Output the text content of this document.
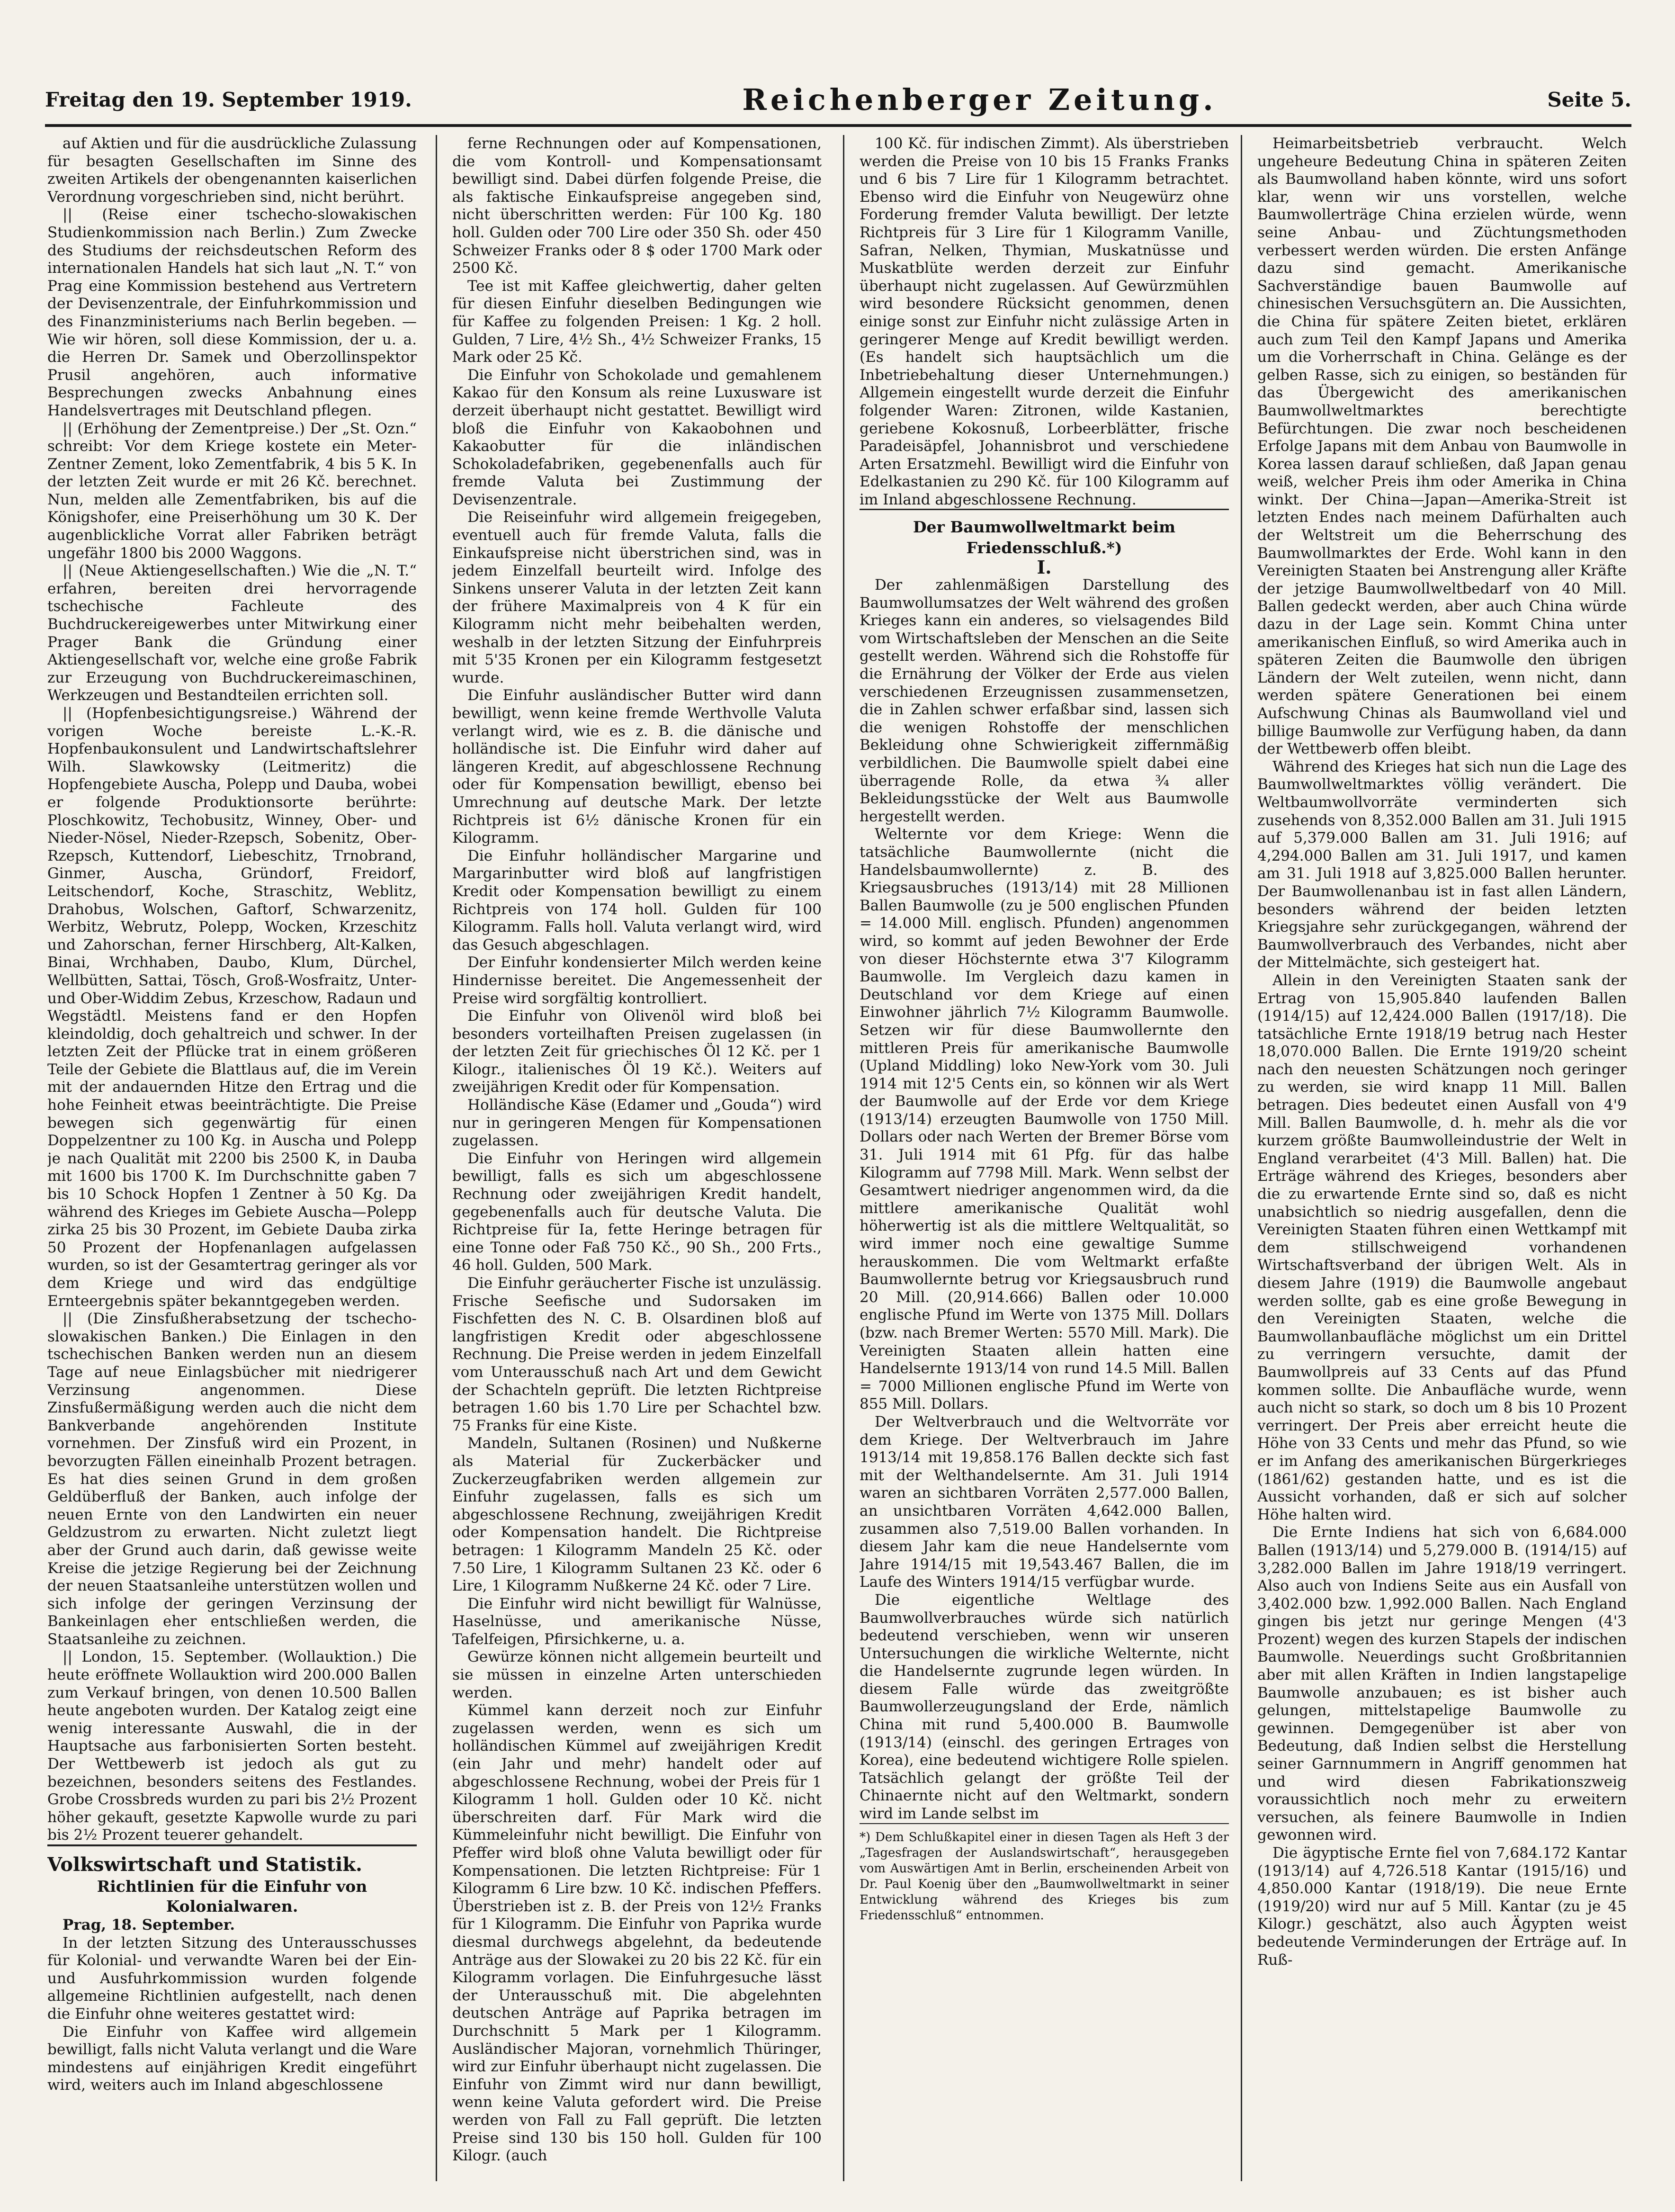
Freitag den 19. September 1919.	Reichenberger Zeitung.	Seite 5.

auf Aktien und für die ausdrückliche Zulassung für besagten Gesellschaften im Sinne des zweiten Artikels der obengenannten kaiserlichen Verordnung vorgeschrieben sind, nicht berührt.

|| (Reise einer tschecho-slowakischen Studienkommission nach Berlin.) Zum Zwecke des Studiums der reichsdeutschen Reform des internationalen Handels hat sich laut „N. T.“ von Prag eine Kommission bestehend aus Vertretern der Devisenzentrale, der Einfuhrkommission und des Finanzministeriums nach Berlin begeben. — Wie wir hören, soll diese Kommission, der u. a. die Herren Dr. Samek und Oberzollinspektor Prusil angehören, auch informative Besprechungen zwecks Anbahnung eines Handelsvertrages mit Deutschland pflegen.

|| (Erhöhung der Zementpreise.) Der „St. Ozn.“ schreibt: Vor dem Kriege kostete ein Meter-Zentner Zement, loko Zementfabrik, 4 bis 5 K. In der letzten Zeit wurde er mit 26 Kč. berechnet. Nun, melden alle Zementfabriken, bis auf die Königshofer, eine Preiserhöhung um 30 K. Der augenblickliche Vorrat aller Fabriken beträgt ungefähr 1800 bis 2000 Waggons.

|| (Neue Aktiengesellschaften.) Wie die „N. T.“ erfahren, bereiten drei hervorragende tschechische Fachleute des Buchdruckereigewerbes unter Mitwirkung einer Prager Bank die Gründung einer Aktiengesellschaft vor, welche eine große Fabrik zur Erzeugung von Buchdruckereimaschinen, Werkzeugen und Bestandteilen errichten soll.

|| (Hopfenbesichtigungsreise.) Während der vorigen Woche bereiste L.-K.-R. Hopfenbaukonsulent und Landwirtschaftslehrer Wilh. Slawkowsky (Leitmeritz) die Hopfengebiete Auscha, Polepp und Dauba, wobei er folgende Produktionsorte berührte: Ploschkowitz, Techobusitz, Winney, Ober- und Nieder-Nösel, Nieder-Rzepsch, Sobenitz, Ober-Rzepsch, Kuttendorf, Liebeschitz, Trnobrand, Ginmer, Auscha, Gründorf, Freidorf, Leitschendorf, Koche, Straschitz, Weblitz, Drahobus, Wolschen, Gaftorf, Schwarzenitz, Werbitz, Webrutz, Polepp, Wocken, Krzeschitz und Zahorschan, ferner Hirschberg, Alt-Kalken, Binai, Wrchhaben, Daubo, Klum, Dürchel, Wellbütten, Sattai, Tösch, Groß-Wosfraitz, Unter- und Ober-Widdim Zebus, Krzeschow, Radaun und Wegstädtl. Meistens fand er den Hopfen kleindoldig, doch gehaltreich und schwer. In der letzten Zeit der Pflücke trat in einem größeren Teile der Gebiete die Blattlaus auf, die im Verein mit der andauernden Hitze den Ertrag und die hohe Feinheit etwas beeinträchtigte. Die Preise bewegen sich gegenwärtig für einen Doppelzentner zu 100 Kg. in Auscha und Polepp je nach Qualität mit 2200 bis 2500 K, in Dauba mit 1600 bis 1700 K. Im Durchschnitte gaben 7 bis 10 Schock Hopfen 1 Zentner à 50 Kg. Da während des Krieges im Gebiete Auscha—Polepp zirka 25 bis 30 Prozent, im Gebiete Dauba zirka 50 Prozent der Hopfenanlagen aufgelassen wurden, so ist der Gesamtertrag geringer als vor dem Kriege und wird das endgültige Ernteergebnis später bekanntgegeben werden.

|| (Die Zinsfußherabsetzung der tschecho-slowakischen Banken.) Die Einlagen in den tschechischen Banken werden nun an diesem Tage auf neue Einlagsbücher mit niedrigerer Verzinsung angenommen. Diese Zinsfußermäßigung werden auch die nicht dem Bankverbande angehörenden Institute vornehmen. Der Zinsfuß wird ein Prozent, in bevorzugten Fällen eineinhalb Prozent betragen. Es hat dies seinen Grund in dem großen Geldüberfluß der Banken, auch infolge der neuen Ernte von den Landwirten ein neuer Geldzustrom zu erwarten. Nicht zuletzt liegt aber der Grund auch darin, daß gewisse weite Kreise die jetzige Regierung bei der Zeichnung der neuen Staatsanleihe unterstützen wollen und sich infolge der geringen Verzinsung der Bankeinlagen eher entschließen werden, die Staatsanleihe zu zeichnen.

|| London, 15. September. (Wollauktion.) Die heute eröffnete Wollauktion wird 200.000 Ballen zum Verkauf bringen, von denen 10.500 Ballen heute angeboten wurden. Der Katalog zeigt eine wenig interessante Auswahl, die in der Hauptsache aus farbonisierten Sorten besteht. Der Wettbewerb ist jedoch als gut zu bezeichnen, besonders seitens des Festlandes. Grobe Crossbreds wurden zu pari bis 2½ Prozent höher gekauft, gesetzte Kapwolle wurde zu pari bis 2½ Prozent teuerer gehandelt.

Volkswirtschaft und Statistik.

Richtlinien für die Einfuhr von Kolonialwaren.

Prag, 18. September.

In der letzten Sitzung des Unterausschusses für Kolonial- und verwandte Waren bei der Ein- und Ausfuhrkommission wurden folgende allgemeine Richtlinien aufgestellt, nach denen die Einfuhr ohne weiteres gestattet wird:

Die Einfuhr von Kaffee wird allgemein bewilligt, falls nicht Valuta verlangt und die Ware mindestens auf einjährigen Kredit eingeführt wird, weiters auch im Inland abgeschlossene

ferne Rechnungen oder auf Kompensationen, die vom Kontroll- und Kompensationsamt bewilligt sind. Dabei dürfen folgende Preise, die als faktische Einkaufspreise angegeben sind, nicht überschritten werden: Für 100 Kg. 180 holl. Gulden oder 700 Lire oder 350 Sh. oder 450 Schweizer Franks oder 8 $ oder 1700 Mark oder 2500 Kč.

Tee ist mit Kaffee gleichwertig, daher gelten für diesen Einfuhr dieselben Bedingungen wie für Kaffee zu folgenden Preisen: 1 Kg. 2 holl. Gulden, 7 Lire, 4½ Sh., 4½ Schweizer Franks, 15 Mark oder 25 Kč.

Die Einfuhr von Schokolade und gemahlenem Kakao für den Konsum als reine Luxusware ist derzeit überhaupt nicht gestattet. Bewilligt wird bloß die Einfuhr von Kakaobohnen und Kakaobutter für die inländischen Schokoladefabriken, gegebenenfalls auch für fremde Valuta bei Zustimmung der Devisenzentrale.

Die Reiseinfuhr wird allgemein freigegeben, eventuell auch für fremde Valuta, falls die Einkaufspreise nicht überstrichen sind, was in jedem Einzelfall beurteilt wird. Infolge des Sinkens unserer Valuta in der letzten Zeit kann der frühere Maximalpreis von 4 K für ein Kilogramm nicht mehr beibehalten werden, weshalb in der letzten Sitzung der Einfuhrpreis mit 5'35 Kronen per ein Kilogramm festgesetzt wurde.

Die Einfuhr ausländischer Butter wird dann bewilligt, wenn keine fremde Werthvolle Valuta verlangt wird, wie es z. B. die dänische und holländische ist. Die Einfuhr wird daher auf längeren Kredit, auf abgeschlossene Rechnung oder für Kompensation bewilligt, ebenso bei Umrechnung auf deutsche Mark. Der letzte Richtpreis ist 6½ dänische Kronen für ein Kilogramm.

Die Einfuhr holländischer Margarine und Margarinbutter wird bloß auf langfristigen Kredit oder Kompensation bewilligt zu einem Richtpreis von 174 holl. Gulden für 100 Kilogramm. Falls holl. Valuta verlangt wird, wird das Gesuch abgeschlagen.

Der Einfuhr kondensierter Milch werden keine Hindernisse bereitet. Die Angemessenheit der Preise wird sorgfältig kontrolliert.

Die Einfuhr von Olivenöl wird bloß bei besonders vorteilhaften Preisen zugelassen (in der letzten Zeit für griechisches Öl 12 Kč. per 1 Kilogr., italienisches Öl 19 Kč.). Weiters auf zweijährigen Kredit oder für Kompensation.

Holländische Käse (Edamer und „Gouda“) wird nur in geringeren Mengen für Kompensationen zugelassen.

Die Einfuhr von Heringen wird allgemein bewilligt, falls es sich um abgeschlossene Rechnung oder zweijährigen Kredit handelt, gegebenenfalls auch für deutsche Valuta. Die Richtpreise für Ia, fette Heringe betragen für eine Tonne oder Faß 750 Kč., 90 Sh., 200 Frts., 46 holl. Gulden, 500 Mark.

Die Einfuhr geräucherter Fische ist unzulässig. Frische Seefische und Sudorsaken im Fischfetten des N. C. B. Olsardinen bloß auf langfristigen Kredit oder abgeschlossene Rechnung. Die Preise werden in jedem Einzelfall vom Unterausschuß nach Art und dem Gewicht der Schachteln geprüft. Die letzten Richtpreise betragen 1.60 bis 1.70 Lire per Schachtel bzw. 75 Franks für eine Kiste.

Mandeln, Sultanen (Rosinen) und Nußkerne als Material für Zuckerbäcker und Zuckerzeugfabriken werden allgemein zur Einfuhr zugelassen, falls es sich um abgeschlossene Rechnung, zweijährigen Kredit oder Kompensation handelt. Die Richtpreise betragen: 1 Kilogramm Mandeln 25 Kč. oder 7.50 Lire, 1 Kilogramm Sultanen 23 Kč. oder 6 Lire, 1 Kilogramm Nußkerne 24 Kč. oder 7 Lire.

Die Einfuhr wird nicht bewilligt für Walnüsse, Haselnüsse, und amerikanische Nüsse, Tafelfeigen, Pfirsichkerne, u. a.

Gewürze können nicht allgemein beurteilt und sie müssen in einzelne Arten unterschieden werden.

Kümmel kann derzeit noch zur Einfuhr zugelassen werden, wenn es sich um holländischen Kümmel auf zweijährigen Kredit (ein Jahr und mehr) handelt oder auf abgeschlossene Rechnung, wobei der Preis für 1 Kilogramm 1 holl. Gulden oder 10 Kč. nicht überschreiten darf. Für Mark wird die Kümmeleinfuhr nicht bewilligt. Die Einfuhr von Pfeffer wird bloß ohne Valuta bewilligt oder für Kompensationen. Die letzten Richtpreise: Für 1 Kilogramm 6 Lire bzw. 10 Kč. indischen Pfeffers. Überstrieben ist z. B. der Preis von 12½ Franks für 1 Kilogramm. Die Einfuhr von Paprika wurde diesmal durchwegs abgelehnt, da bedeutende Anträge aus der Slowakei zu 20 bis 22 Kč. für ein Kilogramm vorlagen. Die Einfuhrgesuche lässt der Unterausschuß mit. Die abgelehnten deutschen Anträge auf Paprika betragen im Durchschnitt 5 Mark per 1 Kilogramm. Ausländischer Majoran, vornehmlich Thüringer, wird zur Einfuhr überhaupt nicht zugelassen. Die Einfuhr von Zimmt wird nur dann bewilligt, wenn keine Valuta gefordert wird. Die Preise werden von Fall zu Fall geprüft. Die letzten Preise sind 130 bis 150 holl. Gulden für 100 Kilogr. (auch

100 Kč. für indischen Zimmt). Als überstrieben werden die Preise von 10 bis 15 Franks Franks und 6 bis 7 Lire für 1 Kilogramm betrachtet. Ebenso wird die Einfuhr von Neugewürz ohne Forderung fremder Valuta bewilligt. Der letzte Richtpreis für 3 Lire für 1 Kilogramm Vanille, Safran, Nelken, Thymian, Muskatnüsse und Muskatblüte werden derzeit zur Einfuhr überhaupt nicht zugelassen. Auf Gewürzmühlen wird besondere Rücksicht genommen, denen einige sonst zur Einfuhr nicht zulässige Arten in geringerer Menge auf Kredit bewilligt werden. (Es handelt sich hauptsächlich um die Inbetriebehaltung dieser Unternehmungen.) Allgemein eingestellt wurde derzeit die Einfuhr folgender Waren: Zitronen, wilde Kastanien, geriebene Kokosnuß, Lorbeerblätter, frische Paradeisäpfel, Johannisbrot und verschiedene Arten Ersatzmehl. Bewilligt wird die Einfuhr von Edelkastanien zu 290 Kč. für 100 Kilogramm auf im Inland abgeschlossene Rechnung.

Der Baumwollweltmarkt beim Friedensschluß.*)

I.

Der zahlenmäßigen Darstellung des Baumwollumsatzes der Welt während des großen Krieges kann ein anderes, so vielsagendes Bild vom Wirtschaftsleben der Menschen an die Seite gestellt werden. Während sich die Rohstoffe für die Ernährung der Völker der Erde aus vielen verschiedenen Erzeugnissen zusammensetzen, die in Zahlen schwer erfaßbar sind, lassen sich die wenigen Rohstoffe der menschlichen Bekleidung ohne Schwierigkeit ziffernmäßig verbildlichen. Die Baumwolle spielt dabei eine überragende Rolle, da etwa ¾ aller Bekleidungsstücke der Welt aus Baumwolle hergestellt werden.

Welternte vor dem Kriege: Wenn die tatsächliche Baumwollernte (nicht die Handelsbaumwollernte) z. B. des Kriegsausbruches (1913/14) mit 28 Millionen Ballen Baumwolle (zu je 500 englischen Pfunden = 14.000 Mill. englisch. Pfunden) angenommen wird, so kommt auf jeden Bewohner der Erde von dieser Höchsternte etwa 3'7 Kilogramm Baumwolle. Im Vergleich dazu kamen in Deutschland vor dem Kriege auf einen Einwohner jährlich 7½ Kilogramm Baumwolle. Setzen wir für diese Baumwollernte den mittleren Preis für amerikanische Baumwolle (Upland Middling) loko New-York vom 30. Juli 1914 mit 12'5 Cents ein, so können wir als Wert der Baumwolle auf der Erde vor dem Kriege (1913/14) erzeugten Baumwolle von 1750 Mill. Dollars oder nach Werten der Bremer Börse vom 31. Juli 1914 mit 61 Pfg. für das halbe Kilogramm auf 7798 Mill. Mark. Wenn selbst der Gesamtwert niedriger angenommen wird, da die mittlere amerikanische Qualität wohl höherwertig ist als die mittlere Weltqualität, so wird immer noch eine gewaltige Summe herauskommen. Die vom Weltmarkt erfaßte Baumwollernte betrug vor Kriegsausbruch rund 20 Mill. (20,914.666) Ballen oder 10.000 englische Pfund im Werte von 1375 Mill. Dollars (bzw. nach Bremer Werten: 5570 Mill. Mark). Die Vereinigten Staaten allein hatten eine Handelsernte 1913/14 von rund 14.5 Mill. Ballen = 7000 Millionen englische Pfund im Werte von 855 Mill. Dollars.

Der Weltverbrauch und die Weltvorräte vor dem Kriege. Der Weltverbrauch im Jahre 1913/14 mit 19,858.176 Ballen deckte sich fast mit der Welthandelsernte. Am 31. Juli 1914 waren an sichtbaren Vorräten 2,577.000 Ballen, an unsichtbaren Vorräten 4,642.000 Ballen, zusammen also 7,519.00 Ballen vorhanden. In diesem Jahr kam die neue Handelsernte vom Jahre 1914/15 mit 19,543.467 Ballen, die im Laufe des Winters 1914/15 verfügbar wurde.

Die eigentliche Weltlage des Baumwollverbrauches würde sich natürlich bedeutend verschieben, wenn wir unseren Untersuchungen die wirkliche Welternte, nicht die Handelsernte zugrunde legen würden. In diesem Falle würde das zweitgrößte Baumwollerzeugungsland der Erde, nämlich China mit rund 5,400.000 B. Baumwolle (1913/14) (einschl. des geringen Ertrages von Korea), eine bedeutend wichtigere Rolle spielen. Tatsächlich gelangt der größte Teil der Chinaernte nicht auf den Weltmarkt, sondern wird im Lande selbst im

*) Dem Schlußkapitel einer in diesen Tagen als Heft 3 der „Tagesfragen der Auslandswirtschaft“, herausgegeben vom Auswärtigen Amt in Berlin, erscheinenden Arbeit von Dr. Paul Koenig über den „Baumwollweltmarkt in seiner Entwicklung während des Krieges bis zum Friedensschluß“ entnommen.

Heimarbeitsbetrieb verbraucht. Welch ungeheure Bedeutung China in späteren Zeiten als Baumwolland haben könnte, wird uns sofort klar, wenn wir uns vorstellen, welche Baumwollerträge China erzielen würde, wenn seine Anbau- und Züchtungsmethoden verbessert werden würden. Die ersten Anfänge dazu sind gemacht. Amerikanische Sachverständige bauen Baumwolle auf chinesischen Versuchsgütern an. Die Aussichten, die China für spätere Zeiten bietet, erklären auch zum Teil den Kampf Japans und Amerika um die Vorherrschaft in China. Gelänge es der gelben Rasse, sich zu einigen, so beständen für das Übergewicht des amerikanischen Baumwollweltmarktes berechtigte Befürchtungen. Die zwar noch bescheidenen Erfolge Japans mit dem Anbau von Baumwolle in Korea lassen darauf schließen, daß Japan genau weiß, welcher Preis ihm oder Amerika in China winkt. Der China—Japan—Amerika-Streit ist letzten Endes nach meinem Dafürhalten auch der Weltstreit um die Beherrschung des Baumwollmarktes der Erde. Wohl kann in den Vereinigten Staaten bei Anstrengung aller Kräfte der jetzige Baumwollweltbedarf von 40 Mill. Ballen gedeckt werden, aber auch China würde dazu in der Lage sein. Kommt China unter amerikanischen Einfluß, so wird Amerika auch in späteren Zeiten die Baumwolle den übrigen Ländern der Welt zuteilen, wenn nicht, dann werden spätere Generationen bei einem Aufschwung Chinas als Baumwolland viel und billige Baumwolle zur Verfügung haben, da dann der Wettbewerb offen bleibt.

Während des Krieges hat sich nun die Lage des Baumwollweltmarktes völlig verändert. Die Weltbaumwollvorräte verminderten sich zusehends von 8,352.000 Ballen am 31. Juli 1915 auf 5,379.000 Ballen am 31. Juli 1916; auf 4,294.000 Ballen am 31. Juli 1917, und kamen am 31. Juli 1918 auf 3,825.000 Ballen herunter. Der Baumwollenanbau ist in fast allen Ländern, besonders während der beiden letzten Kriegsjahre sehr zurückgegangen, während der Baumwollverbrauch des Verbandes, nicht aber der Mittelmächte, sich gesteigert hat.

Allein in den Vereinigten Staaten sank der Ertrag von 15,905.840 laufenden Ballen (1914/15) auf 12,424.000 Ballen (1917/18). Die tatsächliche Ernte 1918/19 betrug nach Hester 18,070.000 Ballen. Die Ernte 1919/20 scheint nach den neuesten Schätzungen noch geringer zu werden, sie wird knapp 11 Mill. Ballen betragen. Dies bedeutet einen Ausfall von 4'9 Mill. Ballen Baumwolle, d. h. mehr als die vor kurzem größte Baumwolleindustrie der Welt in England verarbeitet (4'3 Mill. Ballen) hat. Die Erträge während des Krieges, besonders aber die zu erwartende Ernte sind so, daß es nicht unabsichtlich so niedrig ausgefallen, denn die Vereinigten Staaten führen einen Wettkampf mit dem stillschweigend vorhandenen Wirtschaftsverband der übrigen Welt. Als in diesem Jahre (1919) die Baumwolle angebaut werden sollte, gab es eine große Bewegung in den Vereinigten Staaten, welche die Baumwollanbaufläche möglichst um ein Drittel zu verringern versuchte, damit der Baumwollpreis auf 33 Cents auf das Pfund kommen sollte. Die Anbaufläche wurde, wenn auch nicht so stark, so doch um 8 bis 10 Prozent verringert. Der Preis aber erreicht heute die Höhe von 33 Cents und mehr das Pfund, so wie er im Anfang des amerikanischen Bürgerkrieges (1861/62) gestanden hatte, und es ist die Aussicht vorhanden, daß er sich auf solcher Höhe halten wird.

Die Ernte Indiens hat sich von 6,684.000 Ballen (1913/14) und 5,279.000 B. (1914/15) auf 3,282.000 Ballen im Jahre 1918/19 verringert. Also auch von Indiens Seite aus ein Ausfall von 3,402.000 bzw. 1,992.000 Ballen. Nach England gingen bis jetzt nur geringe Mengen (4'3 Prozent) wegen des kurzen Stapels der indischen Baumwolle. Neuerdings sucht Großbritannien aber mit allen Kräften in Indien langstapelige Baumwolle anzubauen; es ist bisher auch gelungen, mittelstapelige Baumwolle zu gewinnen. Demgegenüber ist aber von Bedeutung, daß Indien selbst die Herstellung seiner Garnnummern in Angriff genommen hat und wird diesen Fabrikationszweig voraussichtlich noch mehr zu erweitern versuchen, als feinere Baumwolle in Indien gewonnen wird.

Die ägyptische Ernte fiel von 7,684.172 Kantar (1913/14) auf 4,726.518 Kantar (1915/16) und 4,850.000 Kantar (1918/19). Die neue Ernte (1919/20) wird nur auf 5 Mill. Kantar (zu je 45 Kilogr.) geschätzt, also auch Ägypten weist bedeutende Verminderungen der Erträge auf. In Ruß-
